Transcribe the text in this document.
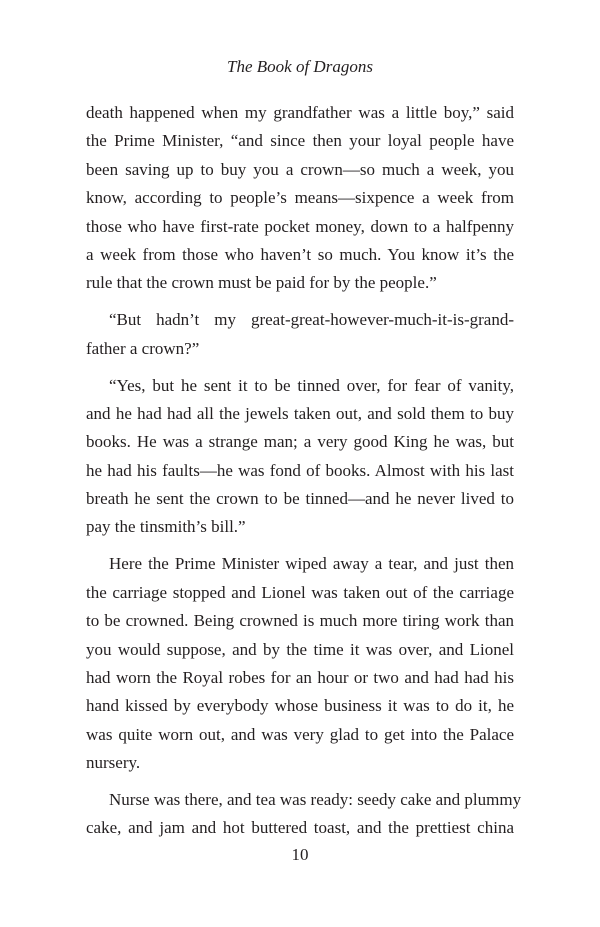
The Book of Dragons
death happened when my grandfather was a little boy,” said
the Prime Minister, “and since then your loyal people have
been saving up to buy you a crown—so much a week, you
know, according to people’s means—sixpence a week from
those who have first-rate pocket money, down to a halfpenny
a week from those who haven’t so much. You know it’s the
rule that the crown must be paid for by the people.”
“But hadn’t my great-great-however-much-it-is-grand-
father a crown?”
“Yes, but he sent it to be tinned over, for fear of vanity,
and he had had all the jewels taken out, and sold them to buy
books. He was a strange man; a very good King he was, but
he had his faults—he was fond of books. Almost with his last
breath he sent the crown to be tinned—and he never lived to
pay the tinsmith’s bill.”
Here the Prime Minister wiped away a tear, and just then
the carriage stopped and Lionel was taken out of the carriage
to be crowned. Being crowned is much more tiring work than
you would suppose, and by the time it was over, and Lionel
had worn the Royal robes for an hour or two and had had his
hand kissed by everybody whose business it was to do it, he
was quite worn out, and was very glad to get into the Palace
nursery.
Nurse was there, and tea was ready: seedy cake and plummy
cake, and jam and hot buttered toast, and the prettiest china
10
